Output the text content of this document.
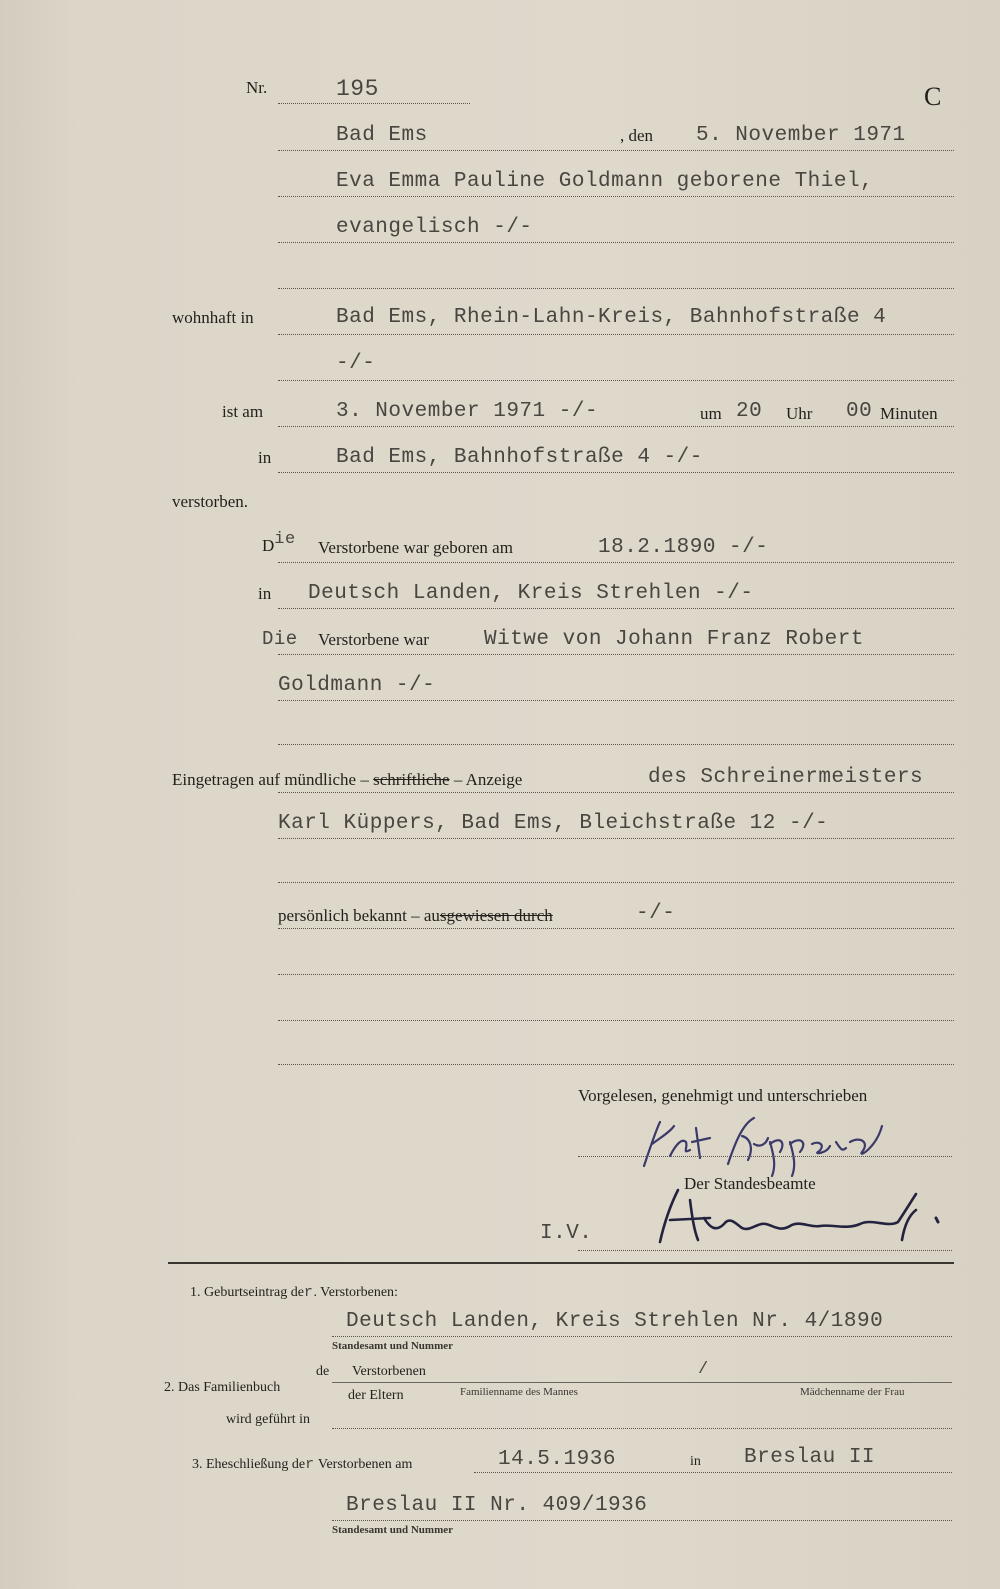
Nr.	195	C
Bad Ems	, den 5. November 1971
Eva Emma Pauline Goldmann geborene Thiel,
evangelisch -/-
wohnhaft in	Bad Ems, Rhein-Lahn-Kreis, Bahnhofstraße 4
-/-
ist am	3. November 1971 -/-	um 20 Uhr 00 Minuten
in	Bad Ems, Bahnhofstraße 4 -/-
verstorben.
Die Verstorbene war geboren am	18.2.1890 -/-
in Deutsch Landen, Kreis Strehlen -/-
Die Verstorbene war	Witwe von Johann Franz Robert
Goldmann -/-
Eingetragen auf mündliche – schriftliche – Anzeige	des Schreinermeisters
Karl Küppers, Bad Ems, Bleichstraße 12 -/-
persönlich bekannt – ausgewiesen durch	-/-
Vorgelesen, genehmigt und unterschrieben
Der Standesbeamte
I.V.
1. Geburtseintrag der. Verstorbenen:
Deutsch Landen, Kreis Strehlen Nr. 4/1890
Standesamt und Nummer
2. Das Familienbuch
de Verstorbenen
der Eltern
/
Familienname des Mannes	Mädchenname der Frau
wird geführt in
3. Eheschließung der Verstorbenen am	14.5.1936	in Breslau II
Breslau II Nr. 409/1936
Standesamt und Nummer
